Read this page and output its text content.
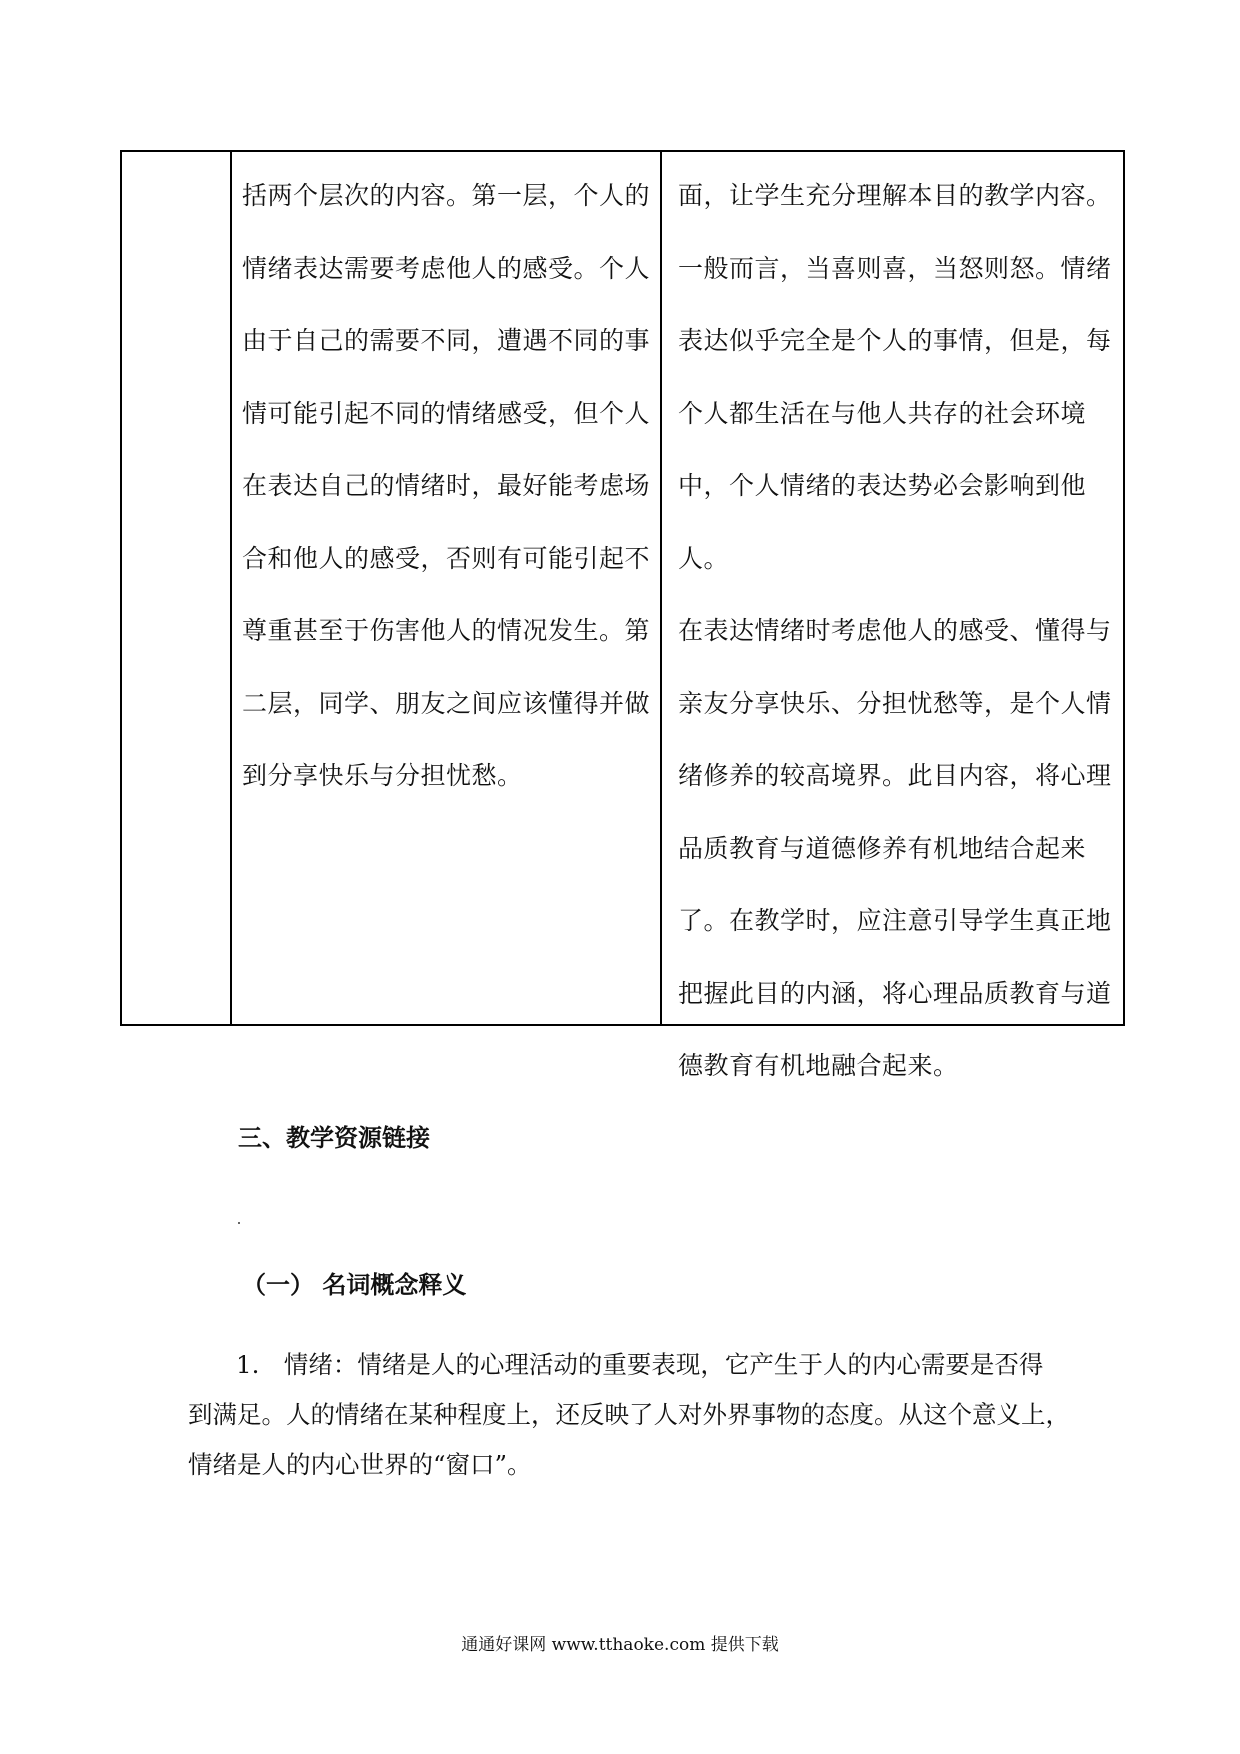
括两个层次的内容。第一层，个人的
情绪表达需要考虑他人的感受。个人
由于自己的需要不同，遭遇不同的事
情可能引起不同的情绪感受，但个人
在表达自己的情绪时，最好能考虑场
合和他人的感受，否则有可能引起不
尊重甚至于伤害他人的情况发生。第
二层，同学、朋友之间应该懂得并做
到分享快乐与分担忧愁。
面，让学生充分理解本目的教学内容。
一般而言，当喜则喜，当怒则怒。情绪
表达似乎完全是个人的事情，但是，每
个人都生活在与他人共存的社会环境
中，个人情绪的表达势必会影响到他人。
在表达情绪时考虑他人的感受、懂得与
亲友分享快乐、分担忧愁等，是个人情
绪修养的较高境界。此目内容，将心理
品质教育与道德修养有机地结合起来
了。在教学时，应注意引导学生真正地
把握此目的内涵，将心理品质教育与道
德教育有机地融合起来。
三、教学资源链接
（一） 名词概念释义
1.　情绪：情绪是人的心理活动的重要表现，它产生于人的内心需要是否得
到满足。人的情绪在某种程度上，还反映了人对外界事物的态度。从这个意义上，
情绪是人的内心世界的“窗口”。
通通好课网 www.tthaoke.com 提供下载
